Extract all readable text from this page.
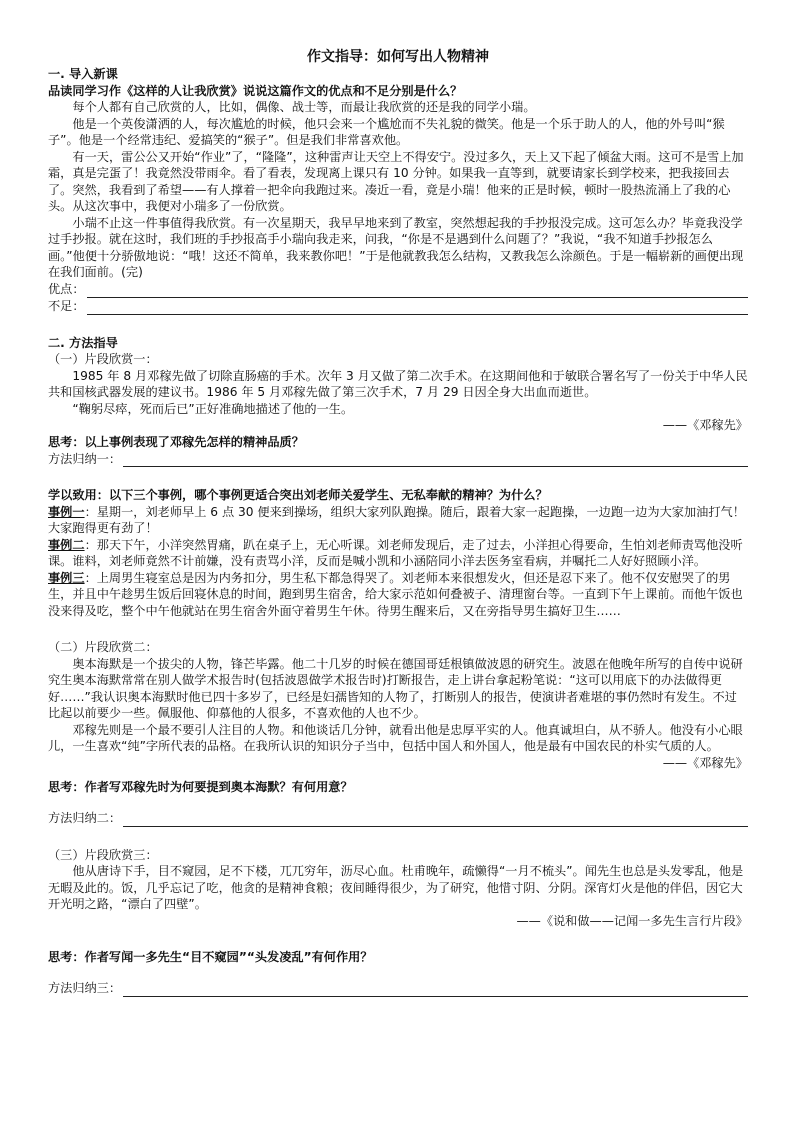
作文指导：如何写出人物精神
一. 导入新课
品读同学习作《这样的人让我欣赏》说说这篇作文的优点和不足分别是什么？

每个人都有自己欣赏的人，比如，偶像、战士等，而最让我欣赏的还是我的同学小瑞。

他是一个英俊潇洒的人，每次尴尬的时候，他只会来一个尴尬而不失礼貌的微笑。他是一个乐于助人的人，他的外号叫“猴子”。他是一个经常违纪、爱搞笑的“猴子”。但是我们非常喜欢他。

有一天，雷公公又开始“作业”了，“隆隆”，这种雷声让天空上不得安宁。没过多久，天上又下起了倾盆大雨。这可不是雪上加霜，真是完蛋了！我竟然没带雨伞。看了看表，发现离上课只有 10 分钟。如果我一直等到，就要请家长到学校来，把我接回去了。突然，我看到了希望——有人撑着一把伞向我跑过来。凑近一看，竟是小瑞！他来的正是时候，顿时一股热流涌上了我的心头。从这次事中，我便对小瑞多了一份欣赏。

小瑞不止这一件事值得我欣赏。有一次星期天，我早早地来到了教室，突然想起我的手抄报没完成。这可怎么办？毕竟我没学过手抄报。就在这时，我们班的手抄报高手小瑞向我走来，问我，“你是不是遇到什么问题了？”我说，“我不知道手抄报怎么画。”他便十分骄傲地说：“哦！这还不简单，我来教你吧！”于是他就教我怎么结构，又教我怎么涂颜色。于是一幅崭新的画便出现在我们面前。(完)

优点：
不足：
二. 方法指导
（一）片段欣赏一：

1985 年 8 月邓稼先做了切除直肠癌的手术。次年 3 月又做了第二次手术。在这期间他和于敏联合署名写了一份关于中华人民共和国核武器发展的建议书。1986 年 5 月邓稼先做了第三次手术，7 月 29 日因全身大出血而逝世。

“鞠躬尽瘁，死而后已”正好准确地描述了他的一生。

——《邓稼先》
思考：以上事例表现了邓稼先怎样的精神品质？
方法归纳一：
学以致用：以下三个事例，哪个事例更适合突出刘老师关爱学生、无私奉献的精神？为什么？

事例一：星期一，刘老师早上 6 点 30 便来到操场，组织大家列队跑操。随后，跟着大家一起跑操，一边跑一边为大家加油打气！大家跑得更有劲了！

事例二：那天下午，小洋突然胃痛，趴在桌子上，无心听课。刘老师发现后，走了过去，小洋担心得要命，生怕刘老师责骂他没听课。谁料，刘老师竟然不计前嫌，没有责骂小洋，反而是喊小凯和小涵陪同小洋去医务室看病，并嘱托二人好好照顾小洋。

事例三：上周男生寝室总是因为内务扣分，男生私下都急得哭了。刘老师本来很想发火，但还是忍下来了。他不仅安慰哭了的男生，并且中午趁男生饭后回寝休息的时间，跑到男生宿舍，给大家示范如何叠被子、清理窗台等。一直到下午上课前。而他午饭也没来得及吃，整个中午他就站在男生宿舍外面守着男生午休。待男生醒来后，又在旁指导男生搞好卫生……

（二）片段欣赏二：

奥本海默是一个拔尖的人物，锋芒毕露。他二十几岁的时候在德国哥廷根镇做波恩的研究生。波恩在他晚年所写的自传中说研究生奥本海默常常在别人做学术报告时(包括波恩做学术报告时)打断报告，走上讲台拿起粉笔说：“这可以用底下的办法做得更好……”我认识奥本海默时他已四十多岁了，已经是妇孺皆知的人物了，打断别人的报告，使演讲者难堪的事仍然时有发生。不过比起以前要少一些。佩服他、仰慕他的人很多，不喜欢他的人也不少。

邓稼先则是一个最不要引人注目的人物。和他谈话几分钟，就看出他是忠厚平实的人。他真诚坦白，从不骄人。他没有小心眼儿，一生喜欢“纯”字所代表的品格。在我所认识的知识分子当中，包括中国人和外国人，他是最有中国农民的朴实气质的人。

——《邓稼先》
思考：作者写邓稼先时为何要提到奥本海默？有何用意？
方法归纳二：
（三）片段欣赏三：

他从唐诗下手，目不窥园，足不下楼，兀兀穷年，沥尽心血。杜甫晚年，疏懒得“一月不梳头”。闻先生也总是头发零乱，他是无暇及此的。饭，几乎忘记了吃，他贪的是精神食粮；夜间睡得很少，为了研究，他惜寸阴、分阴。深宵灯火是他的伴侣，因它大开光明之路，“漂白了四壁”。

——《说和做——记闻一多先生言行片段》
思考：作者写闻一多先生“目不窥园”“头发凌乱”有何作用？
方法归纳三：
